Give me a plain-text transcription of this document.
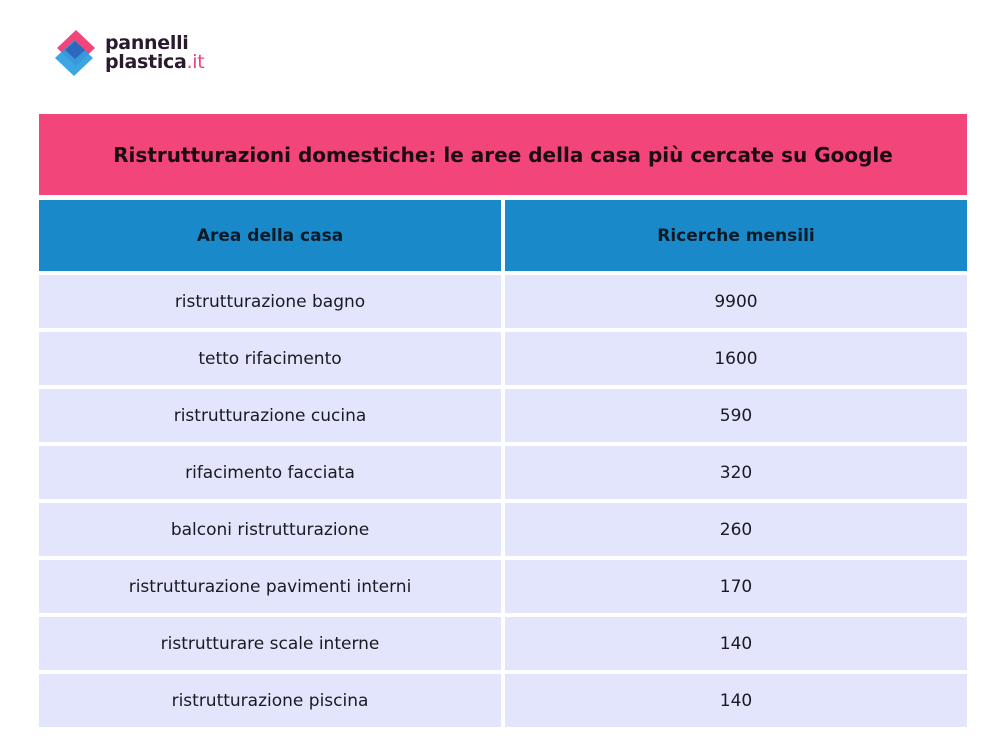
pannelli
plastica.it
Ristrutturazioni domestiche: le aree della casa più cercate su Google
Area della casa	Ricerche mensili
ristrutturazione bagno	9900
tetto rifacimento	1600
ristrutturazione cucina	590
rifacimento facciata	320
balconi ristrutturazione	260
ristrutturazione pavimenti interni	170
ristrutturare scale interne	140
ristrutturazione piscina	140
